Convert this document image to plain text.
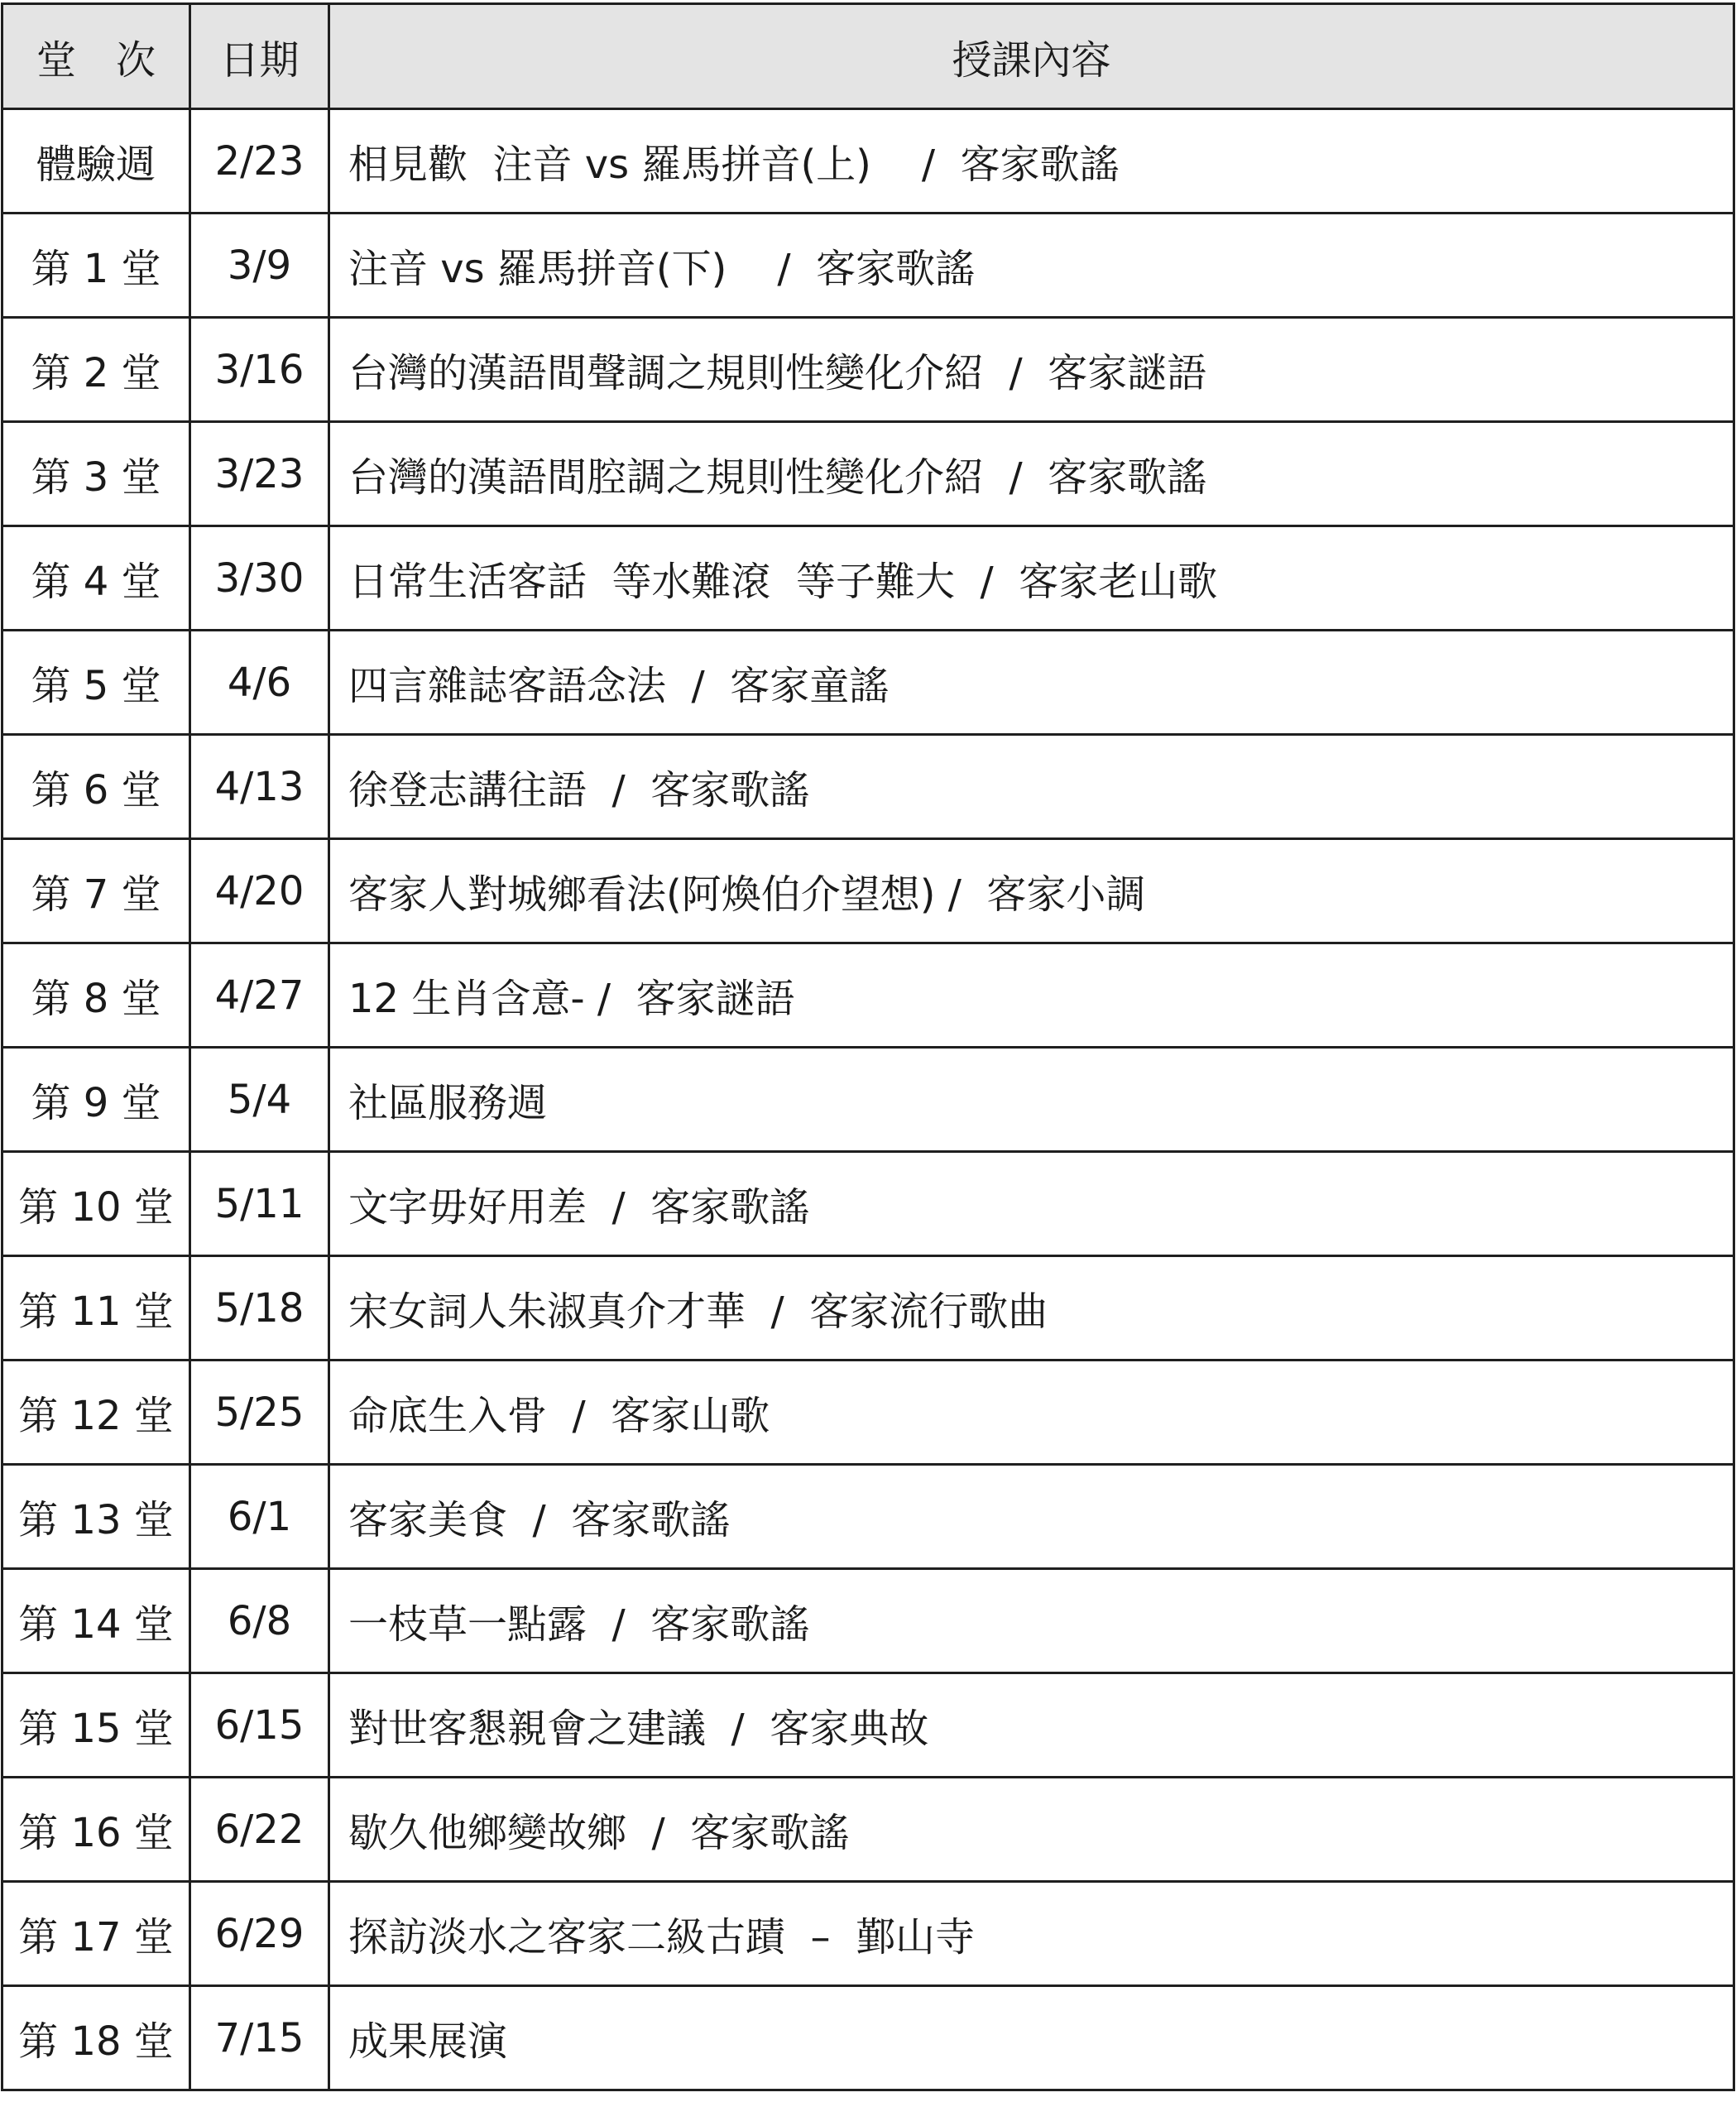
堂　次	日期	授課內容
體驗週	2/23	相見歡  注音 vs 羅馬拼音(上)    /  客家歌謠
第 1 堂	3/9	注音 vs 羅馬拼音(下)    /  客家歌謠
第 2 堂	3/16	台灣的漢語間聲調之規則性變化介紹  /  客家謎語
第 3 堂	3/23	台灣的漢語間腔調之規則性變化介紹  /  客家歌謠
第 4 堂	3/30	日常生活客話  等水難滾  等子難大  /  客家老山歌
第 5 堂	4/6	四言雜誌客語念法  /  客家童謠
第 6 堂	4/13	徐登志講往語  /  客家歌謠
第 7 堂	4/20	客家人對城鄉看法(阿煥伯介望想) /  客家小調
第 8 堂	4/27	12 生肖含意- /  客家謎語
第 9 堂	5/4	社區服務週
第 10 堂	5/11	文字毋好用差  /  客家歌謠
第 11 堂	5/18	宋女詞人朱淑真介才華  /  客家流行歌曲
第 12 堂	5/25	命底生入骨  /  客家山歌
第 13 堂	6/1	客家美食  /  客家歌謠
第 14 堂	6/8	一枝草一點露  /  客家歌謠
第 15 堂	6/15	對世客懇親會之建議  /  客家典故
第 16 堂	6/22	歇久他鄉變故鄉  /  客家歌謠
第 17 堂	6/29	探訪淡水之客家二級古蹟  –  鄞山寺
第 18 堂	7/15	成果展演
